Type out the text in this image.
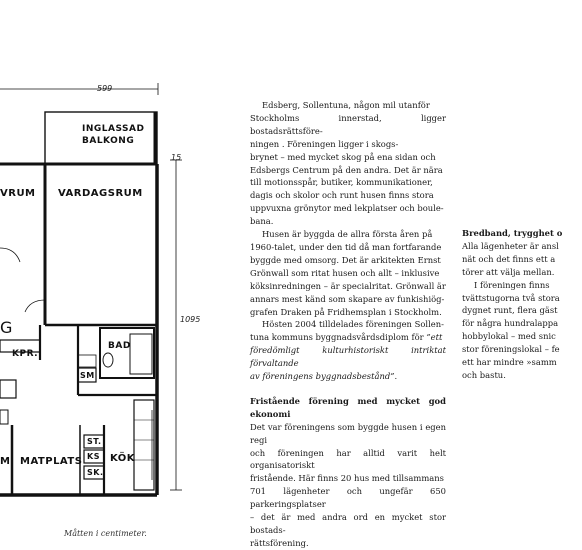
599
15
1095
INGLASSAD
BALKONG
VARDAGSRUM
VRUM
KPR.
G
BAD
SM
ST.
KS
SK.
MATPLATS	KÖK
M
Måtten i centimeter.

Edsberg, Sollentuna, någon mil utanför
Stockholms innerstad, ligger bostadsrättsföre-
ningen . Föreningen ligger i skogs-
brynet – med mycket skog på ena sidan och
Edsbergs Centrum på den andra. Det är nära
till motionsspår, butiker, kommunikationer,
dagis och skolor och runt husen finns stora
uppvuxna grönytor med lekplatser och boule-
bana.

Husen är byggda de allra första åren på
1960-talet, under den tid då man fortfarande
byggde med omsorg. Det är arkitekten Ernst
Grönwall som ritat husen och allt – inklusive
köksinredningen – är specialritat. Grönwall är
annars mest känd som skapare av funkishiög-
grafen Draken på Fridhemsplan i Stockholm.

Hösten 2004 tilldelades föreningen Sollen-
tuna kommuns byggnadsvårdsdiplom för ”ett
föredömligt kulturhistoriskt intriktat förvaltande
av föreningens byggnadsbestånd”.

Fristående förening med mycket god ekonomi

Det var föreningens som byggde husen i egen regi
och föreningen har alltid varit helt organisatoriskt
fristående. Här finns 20 hus med tillsammans
701 lägenheter och ungefär 650 parkeringsplatser
– det är med andra ord en mycket stor bostads-
rättsförening.

Bredband, trygghet o

Alla lägenheter är ansl
nät och det finns ett a
törer att välja mellan.

I föreningen finns
tvättstugorna två stora
dygnet runt, flera gäst
för några hundralappa
hobbylokal – med snic
stor föreningslokal – fe
ett har mindre »samm
och bastu.
